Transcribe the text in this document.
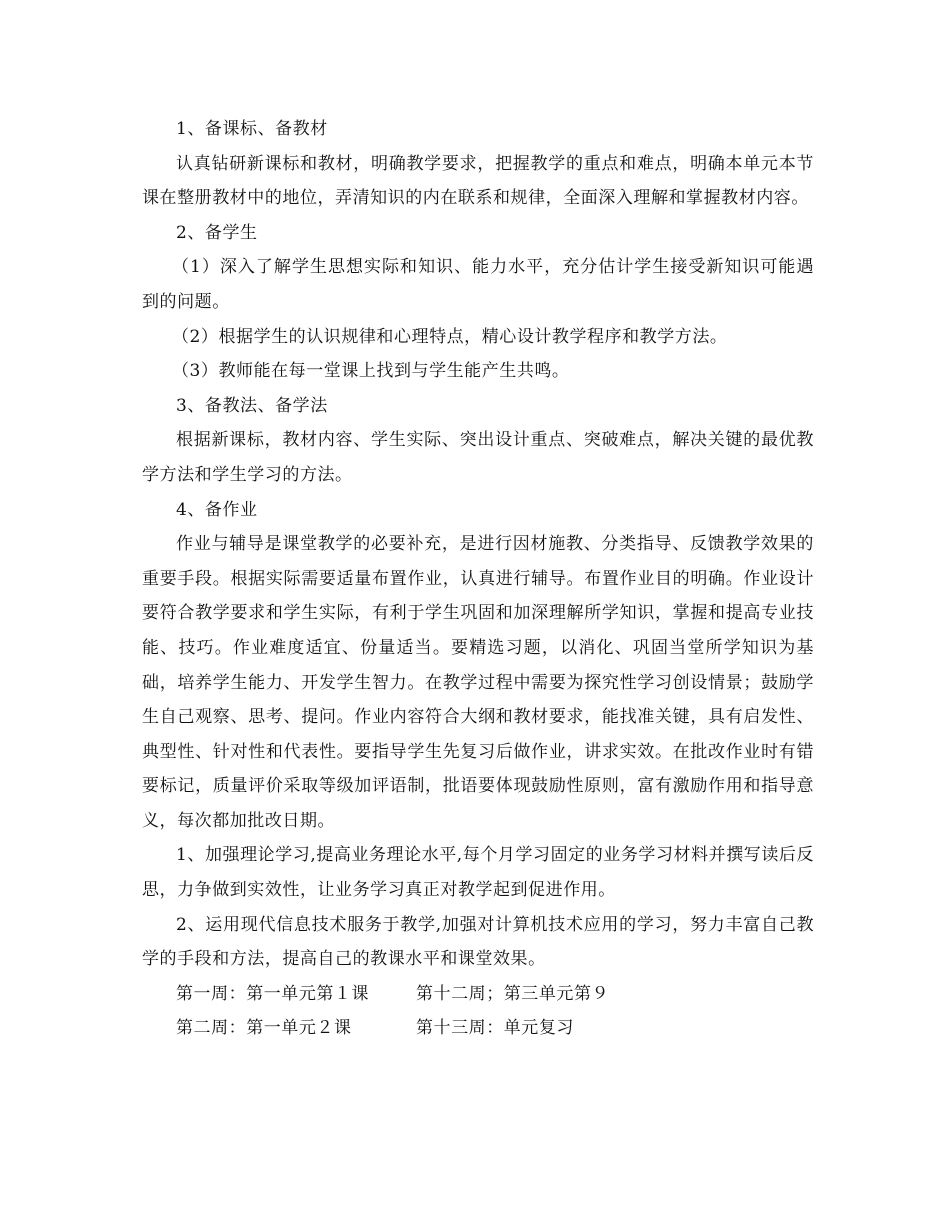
1、备课标、备教材

认真钻研新课标和教材，明确教学要求，把握教学的重点和难点，明确本单元本节课在整册教材中的地位，弄清知识的内在联系和规律，全面深入理解和掌握教材内容。

2、备学生

（1）深入了解学生思想实际和知识、能力水平，充分估计学生接受新知识可能遇到的问题。

（2）根据学生的认识规律和心理特点，精心设计教学程序和教学方法。

（3）教师能在每一堂课上找到与学生能产生共鸣。

3、备教法、备学法

根据新课标，教材内容、学生实际、突出设计重点、突破难点，解决关键的最优教学方法和学生学习的方法。

4、备作业

作业与辅导是课堂教学的必要补充，是进行因材施教、分类指导、反馈教学效果的重要手段。根据实际需要适量布置作业，认真进行辅导。布置作业目的明确。作业设计要符合教学要求和学生实际，有利于学生巩固和加深理解所学知识，掌握和提高专业技能、技巧。作业难度适宜、份量适当。要精选习题，以消化、巩固当堂所学知识为基础，培养学生能力、开发学生智力。在教学过程中需要为探究性学习创设情景；鼓励学生自己观察、思考、提问。作业内容符合大纲和教材要求，能找准关键，具有启发性、典型性、针对性和代表性。要指导学生先复习后做作业，讲求实效。在批改作业时有错要标记，质量评价采取等级加评语制，批语要体现鼓励性原则，富有激励作用和指导意义，每次都加批改日期。

1、加强理论学习,提高业务理论水平,每个月学习固定的业务学习材料并撰写读后反思，力争做到实效性，让业务学习真正对教学起到促进作用。

2、运用现代信息技术服务于教学,加强对计算机技术应用的学习，努力丰富自己教学的手段和方法，提高自己的教课水平和课堂效果。

第一周：第一单元第１课	第十二周；第三单元第９
第二周：第一单元２课	第十三周：单元复习
